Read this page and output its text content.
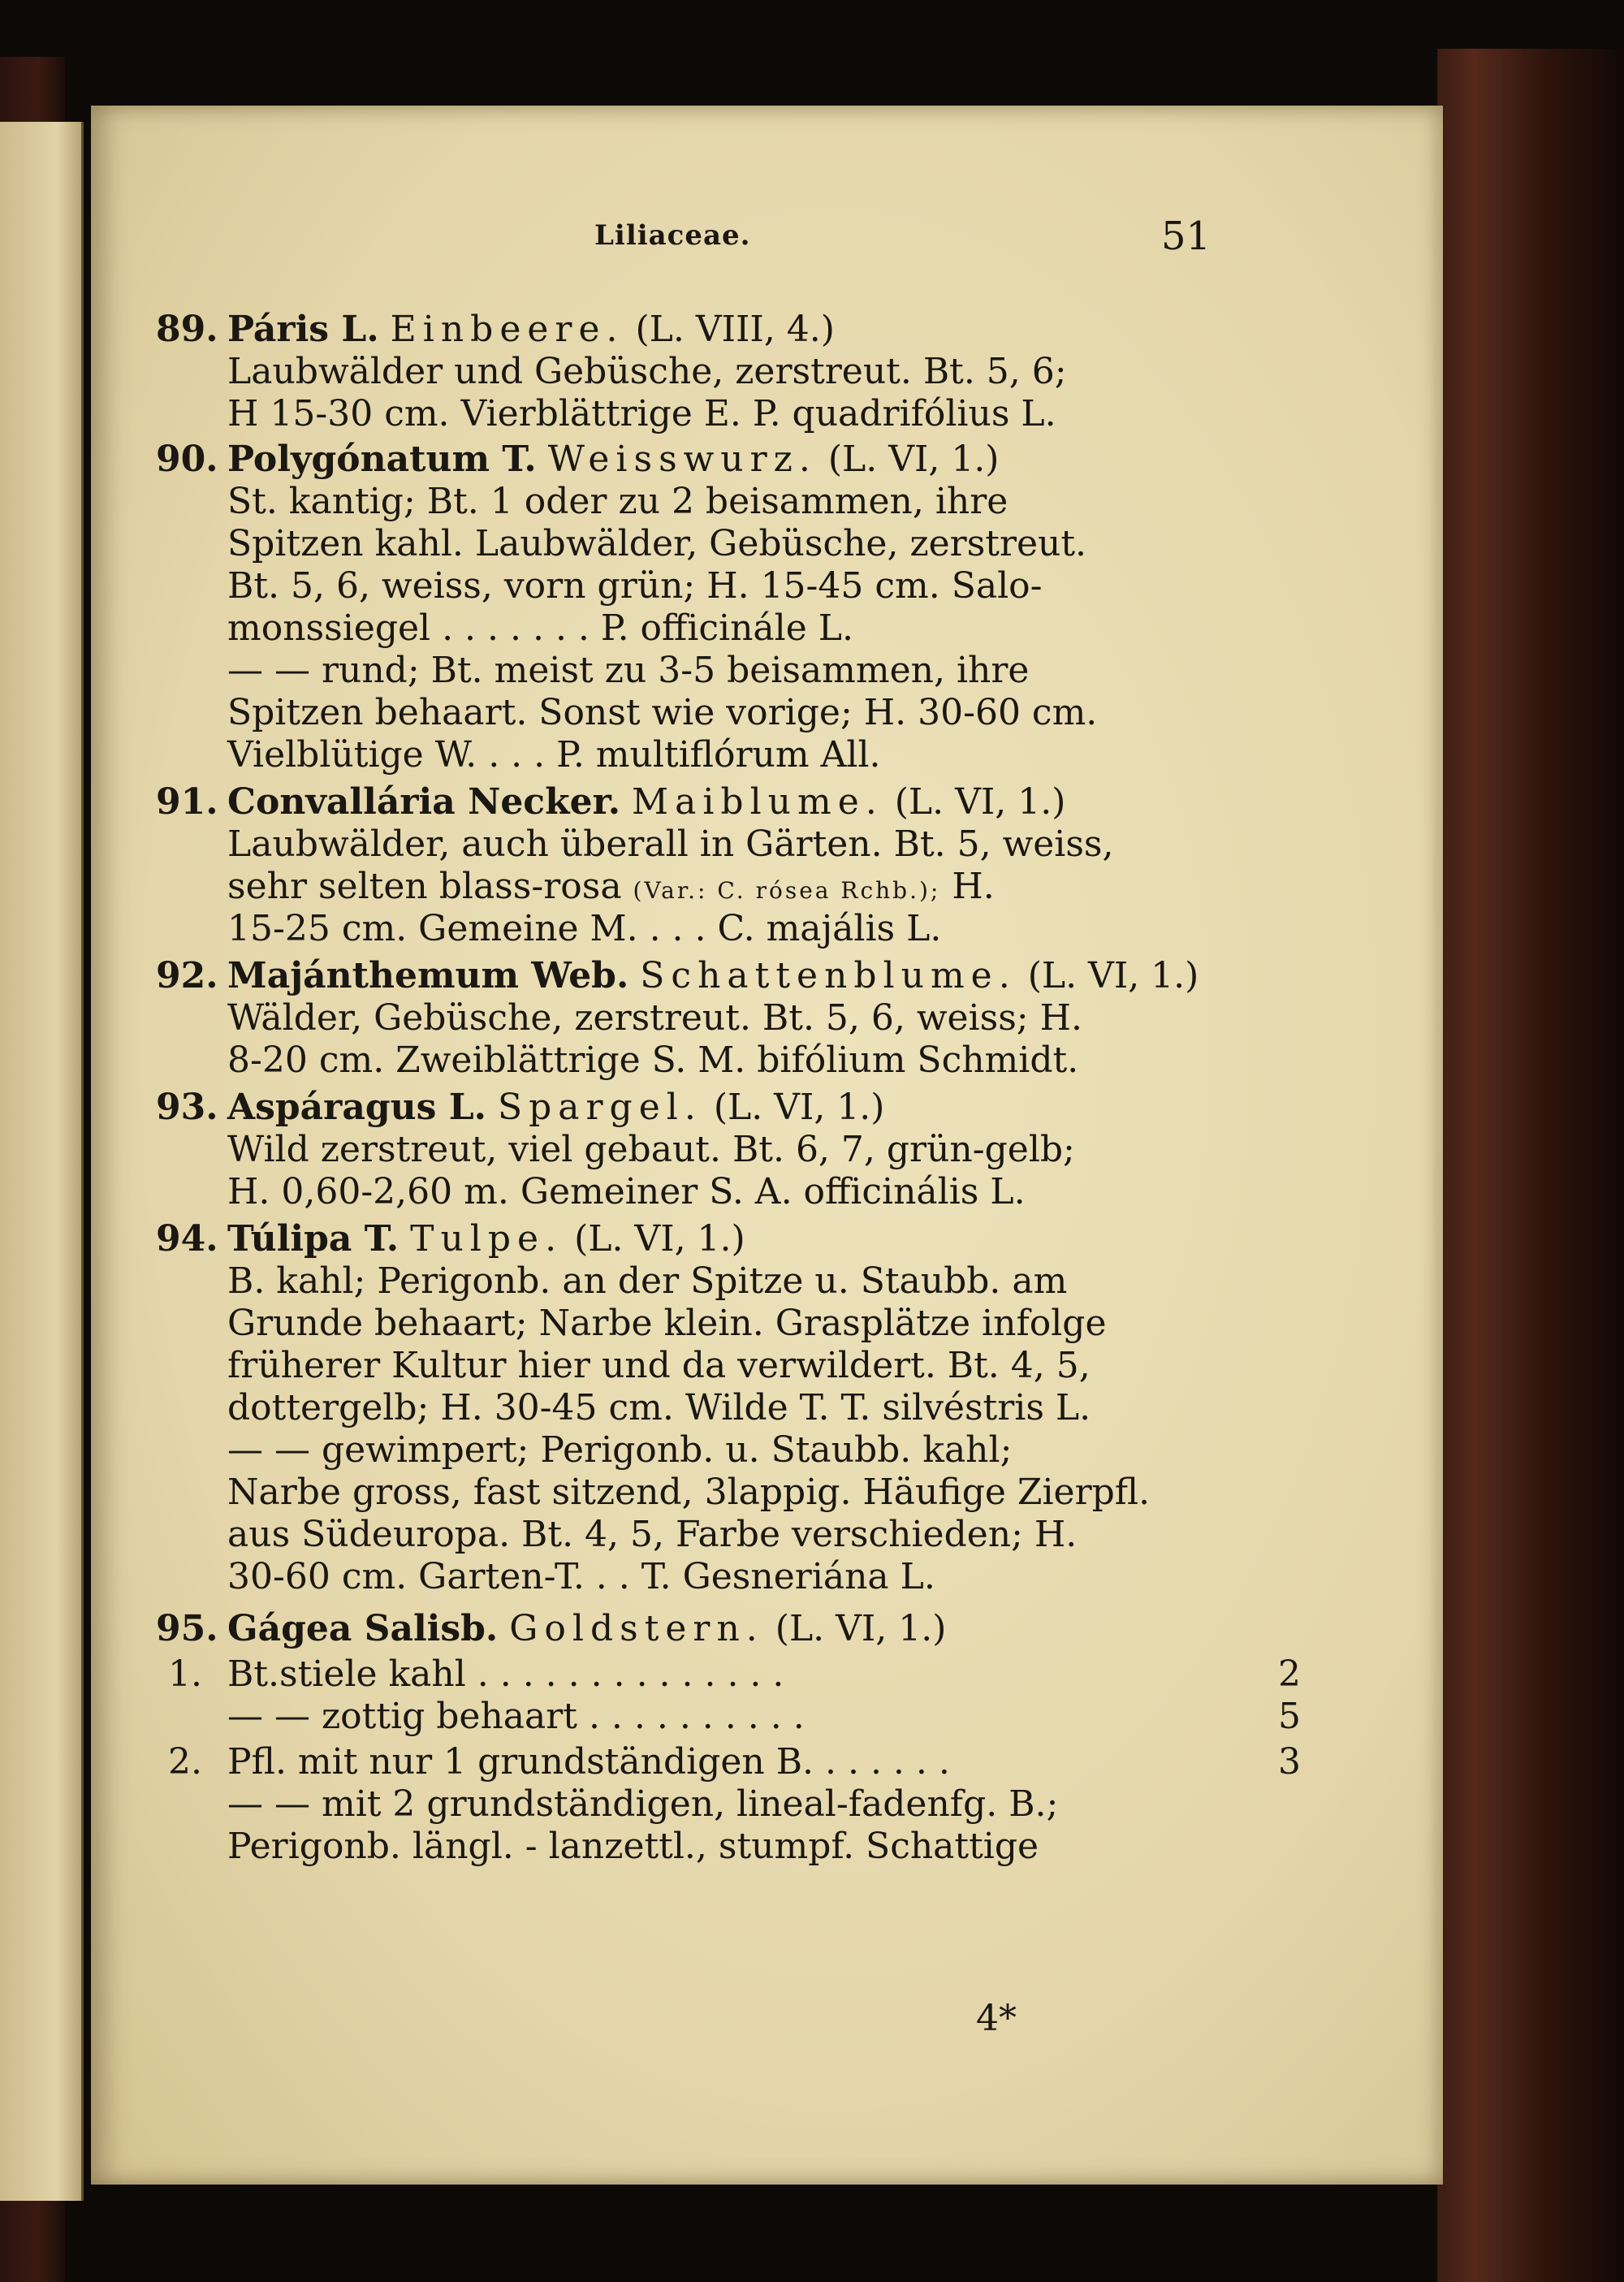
Liliaceae.	51
89. Páris L. Einbeere. (L. VIII, 4.)
Laubwälder und Gebüsche, zerstreut. Bt. 5, 6;
H 15-30 cm. Vierblättrige E. P. quadrifólius L.
90. Polygónatum T. Weisswurz. (L. VI, 1.)
St. kantig; Bt. 1 oder zu 2 beisammen, ihre
Spitzen kahl. Laubwälder, Gebüsche, zerstreut.
Bt. 5, 6, weiss, vorn grün; H. 15-45 cm. Salo-
monssiegel . . . . . . . P. officinále L.
— — rund; Bt. meist zu 3-5 beisammen, ihre
Spitzen behaart. Sonst wie vorige; H. 30-60 cm.
Vielblütige W. . . . P. multiflórum All.
91. Convallária Necker. Maiblume. (L. VI, 1.)
Laubwälder, auch überall in Gärten. Bt. 5, weiss,
sehr selten blass-rosa (Var.: C. rósea Rchb.); H.
15-25 cm. Gemeine M. . . . C. majális L.
92. Majánthemum Web. Schattenblume. (L. VI, 1.)
Wälder, Gebüsche, zerstreut. Bt. 5, 6, weiss; H.
8-20 cm. Zweiblättrige S. M. bifólium Schmidt.
93. Aspáragus L. Spargel. (L. VI, 1.)
Wild zerstreut, viel gebaut. Bt. 6, 7, grün-gelb;
H. 0,60-2,60 m. Gemeiner S. A. officinális L.
94. Túlipa T. Tulpe. (L. VI, 1.)
B. kahl; Perigonb. an der Spitze u. Staubb. am
Grunde behaart; Narbe klein. Grasplätze infolge
früherer Kultur hier und da verwildert. Bt. 4, 5,
dottergelb; H. 30-45 cm. Wilde T. T. silvéstris L.
— — gewimpert; Perigonb. u. Staubb. kahl;
Narbe gross, fast sitzend, 3lappig. Häufige Zierpfl.
aus Südeuropa. Bt. 4, 5, Farbe verschieden; H.
30-60 cm. Garten-T. . . T. Gesneriána L.
95. Gágea Salisb. Goldstern. (L. VI, 1.)
1. Bt.stiele kahl . . . . . . . . . . . . . .	2
— — zottig behaart . . . . . . . . . .	5
2. Pfl. mit nur 1 grundständigen B. . . . . . .	3
— — mit 2 grundständigen, lineal-fadenfg. B.;
Perigonb. längl. - lanzettl., stumpf. Schattige
4*
